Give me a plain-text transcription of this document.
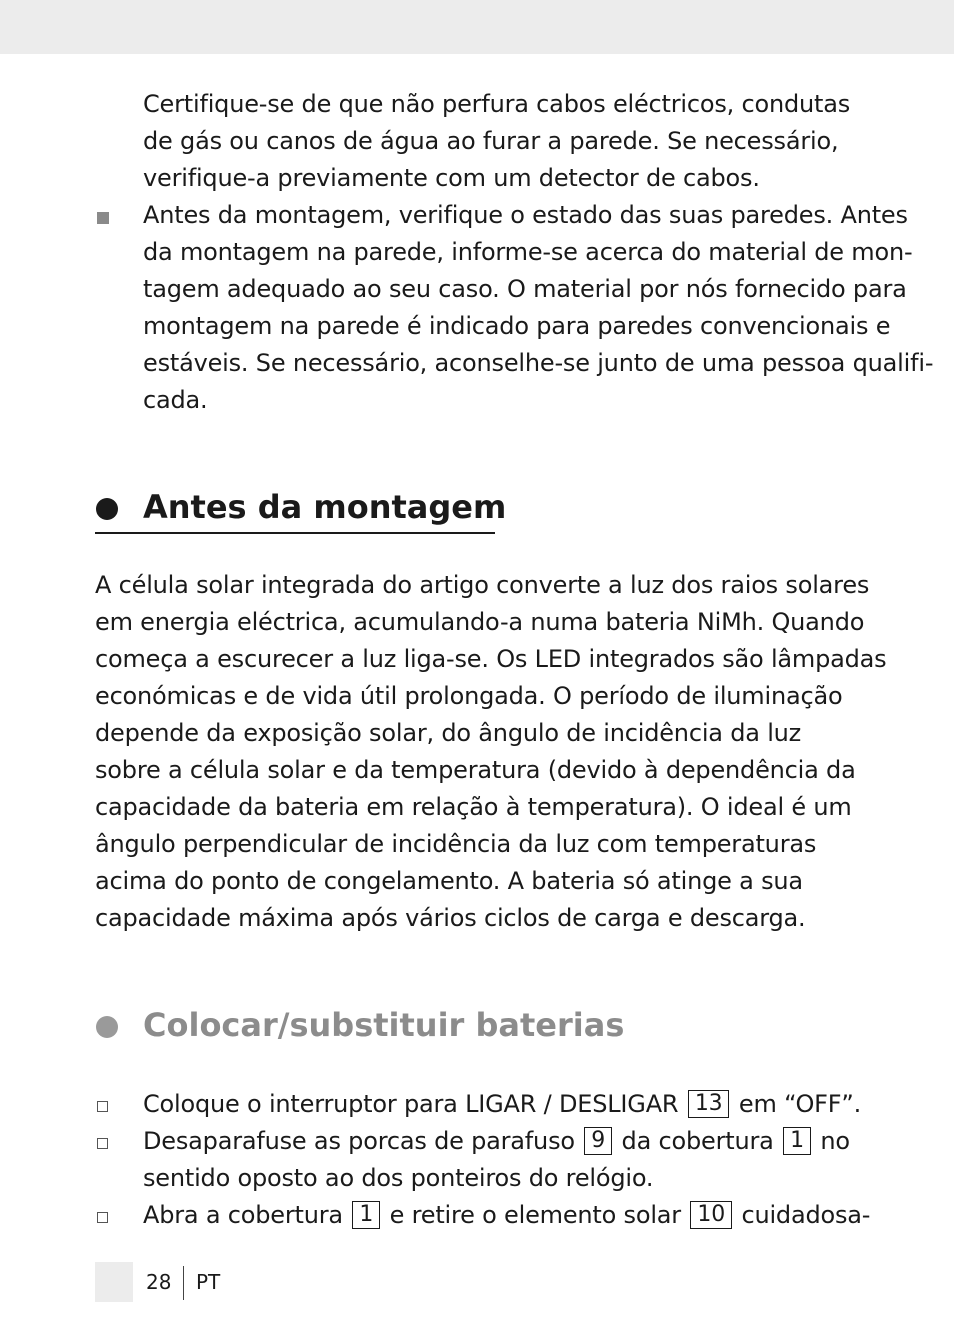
Certifique-se de que não perfura cabos eléctricos, condutas
de gás ou canos de água ao furar a parede. Se necessário,
verifique-a previamente com um detector de cabos.
Antes da montagem, verifique o estado das suas paredes. Antes
da montagem na parede, informe-se acerca do material de mon-
tagem adequado ao seu caso. O material por nós fornecido para
montagem na parede é indicado para paredes convencionais e
estáveis. Se necessário, aconselhe-se junto de uma pessoa qualifi-
cada.
Antes da montagem
A célula solar integrada do artigo converte a luz dos raios solares
em energia eléctrica, acumulando-a numa bateria NiMh. Quando
começa a escurecer a luz liga-se. Os LED integrados são lâmpadas
económicas e de vida útil prolongada. O período de iluminação
depende da exposição solar, do ângulo de incidência da luz
sobre a célula solar e da temperatura (devido à dependência da
capacidade da bateria em relação à temperatura). O ideal é um
ângulo perpendicular de incidência da luz com temperaturas
acima do ponto de congelamento. A bateria só atinge a sua
capacidade máxima após vários ciclos de carga e descarga.
Colocar/substituir baterias
Coloque o interruptor para LIGAR / DESLIGAR 13 em “OFF”.
Desaparafuse as porcas de parafuso 9 da cobertura 1 no
sentido oposto ao dos ponteiros do relógio.
Abra a cobertura 1 e retire o elemento solar 10 cuidadosa-
28 PT
